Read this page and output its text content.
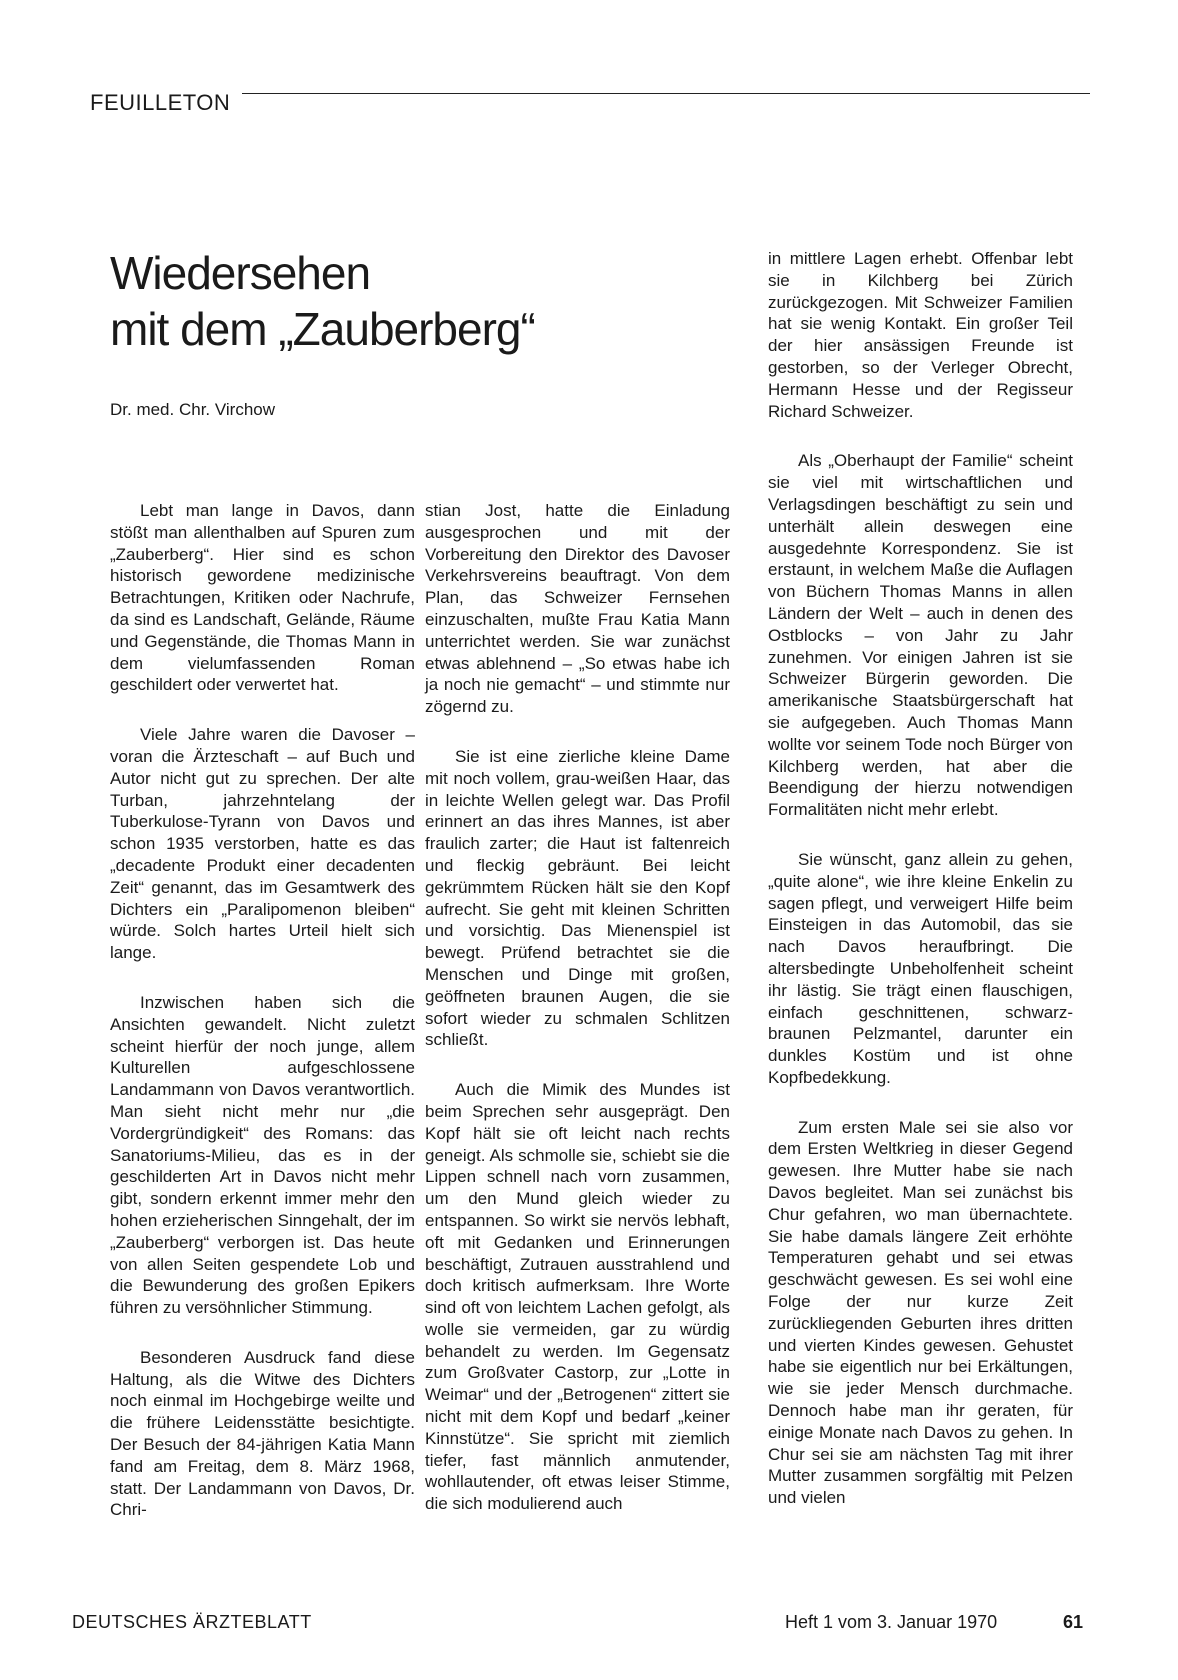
FEUILLETON
Wiedersehen
mit dem „Zauberberg“
Dr. med. Chr. Virchow

Lebt man lange in Davos, dann stößt man allenthalben auf Spuren zum „Zauberberg“. Hier sind es schon historisch gewordene medizinische Betrachtungen, Kritiken oder Nachrufe, da sind es Landschaft, Gelände, Räume und Gegenstände, die Thomas Mann in dem vielumfassenden Roman geschildert oder verwertet hat.

Viele Jahre waren die Davoser – voran die Ärzteschaft – auf Buch und Autor nicht gut zu sprechen. Der alte Turban, jahrzehntelang der Tuberkulose-Tyrann von Davos und schon 1935 verstorben, hatte es das „decadente Produkt einer decadenten Zeit“ genannt, das im Gesamtwerk des Dichters ein „Paralipomenon bleiben“ würde. Solch hartes Urteil hielt sich lange.

Inzwischen haben sich die Ansichten gewandelt. Nicht zuletzt scheint hierfür der noch junge, allem Kulturellen aufgeschlossene Landammann von Davos verantwortlich. Man sieht nicht mehr nur „die Vordergründigkeit“ des Romans: das Sanatoriums-Milieu, das es in der geschilderten Art in Davos nicht mehr gibt, sondern erkennt immer mehr den hohen erzieherischen Sinngehalt, der im „Zauberberg“ verborgen ist. Das heute von allen Seiten gespendete Lob und die Bewunderung des großen Epikers führen zu versöhnlicher Stimmung.

Besonderen Ausdruck fand diese Haltung, als die Witwe des Dichters noch einmal im Hochgebirge weilte und die frühere Leidensstätte besichtigte. Der Besuch der 84-jährigen Katia Mann fand am Freitag, dem 8. März 1968, statt. Der Landammann von Davos, Dr. Chri-

stian Jost, hatte die Einladung ausgesprochen und mit der Vorbereitung den Direktor des Davoser Verkehrsvereins beauftragt. Von dem Plan, das Schweizer Fernsehen einzuschalten, mußte Frau Katia Mann unterrichtet werden. Sie war zunächst etwas ablehnend – „So etwas habe ich ja noch nie gemacht“ – und stimmte nur zögernd zu.

Sie ist eine zierliche kleine Dame mit noch vollem, grau-weißen Haar, das in leichte Wellen gelegt war. Das Profil erinnert an das ihres Mannes, ist aber fraulich zarter; die Haut ist faltenreich und fleckig gebräunt. Bei leicht gekrümmtem Rücken hält sie den Kopf aufrecht. Sie geht mit kleinen Schritten und vorsichtig. Das Mienenspiel ist bewegt. Prüfend betrachtet sie die Menschen und Dinge mit großen, geöffneten braunen Augen, die sie sofort wieder zu schmalen Schlitzen schließt.

Auch die Mimik des Mundes ist beim Sprechen sehr ausgeprägt. Den Kopf hält sie oft leicht nach rechts geneigt. Als schmolle sie, schiebt sie die Lippen schnell nach vorn zusammen, um den Mund gleich wieder zu entspannen. So wirkt sie nervös lebhaft, oft mit Gedanken und Erinnerungen beschäftigt, Zutrauen ausstrahlend und doch kritisch aufmerksam. Ihre Worte sind oft von leichtem Lachen gefolgt, als wolle sie vermeiden, gar zu würdig behandelt zu werden. Im Gegensatz zum Großvater Castorp, zur „Lotte in Weimar“ und der „Betrogenen“ zittert sie nicht mit dem Kopf und bedarf „keiner Kinnstütze“. Sie spricht mit ziemlich tiefer, fast männlich anmutender, wohllautender, oft etwas leiser Stimme, die sich modulierend auch

in mittlere Lagen erhebt. Offenbar lebt sie in Kilchberg bei Zürich zurückgezogen. Mit Schweizer Familien hat sie wenig Kontakt. Ein großer Teil der hier ansässigen Freunde ist gestorben, so der Verleger Obrecht, Hermann Hesse und der Regisseur Richard Schweizer.

Als „Oberhaupt der Familie“ scheint sie viel mit wirtschaftlichen und Verlagsdingen beschäftigt zu sein und unterhält allein deswegen eine ausgedehnte Korrespondenz. Sie ist erstaunt, in welchem Maße die Auflagen von Büchern Thomas Manns in allen Ländern der Welt – auch in denen des Ostblocks – von Jahr zu Jahr zunehmen. Vor einigen Jahren ist sie Schweizer Bürgerin geworden. Die amerikanische Staatsbürgerschaft hat sie aufgegeben. Auch Thomas Mann wollte vor seinem Tode noch Bürger von Kilchberg werden, hat aber die Beendigung der hierzu notwendigen Formalitäten nicht mehr erlebt.

Sie wünscht, ganz allein zu gehen, „quite alone“, wie ihre kleine Enkelin zu sagen pflegt, und verweigert Hilfe beim Einsteigen in das Automobil, das sie nach Davos heraufbringt. Die altersbedingte Unbeholfenheit scheint ihr lästig. Sie trägt einen flauschigen, einfach geschnittenen, schwarz-braunen Pelzmantel, darunter ein dunkles Kostüm und ist ohne Kopfbedekkung.

Zum ersten Male sei sie also vor dem Ersten Weltkrieg in dieser Gegend gewesen. Ihre Mutter habe sie nach Davos begleitet. Man sei zunächst bis Chur gefahren, wo man übernachtete. Sie habe damals längere Zeit erhöhte Temperaturen gehabt und sei etwas geschwächt gewesen. Es sei wohl eine Folge der nur kurze Zeit zurückliegenden Geburten ihres dritten und vierten Kindes gewesen. Gehustet habe sie eigentlich nur bei Erkältungen, wie sie jeder Mensch durchmache. Dennoch habe man ihr geraten, für einige Monate nach Davos zu gehen. In Chur sei sie am nächsten Tag mit ihrer Mutter zusammen sorgfältig mit Pelzen und vielen

DEUTSCHES ÄRZTEBLATT	Heft 1 vom 3. Januar 1970	61
